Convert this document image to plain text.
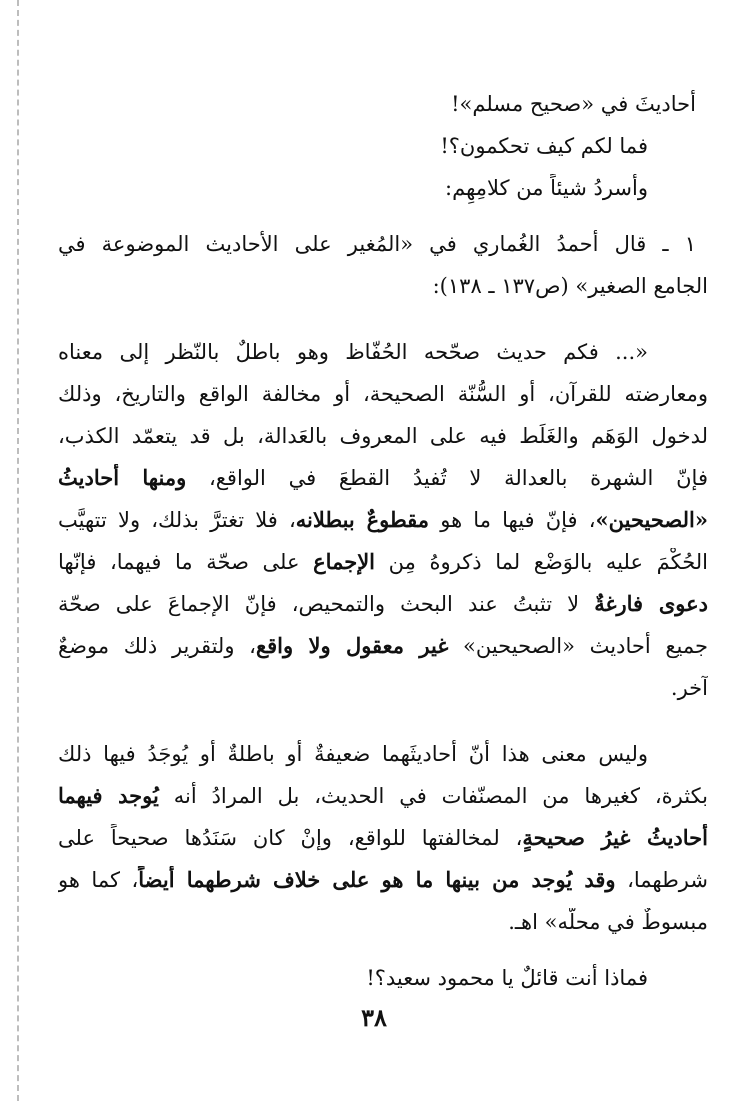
أحاديثَ في «صحيح مسلم»!
فما لكم كيف تحكمون؟!
وأسردُ شيئاً من كلامِهِم:
١ ـ قال أحمدُ الغُماري في «المُغير على الأحاديث الموضوعة في
الجامع الصغير» (ص١٣٧ ـ ١٣٨):
«... فكم حديث صحّحه الحُفّاظ وهو باطلٌ بالنّظر إلى معناه
ومعارضته للقرآن، أو السُّنّة الصحيحة، أو مخالفة الواقع والتاريخ، وذلك
لدخول الوَهَم والغَلَط فيه على المعروف بالعَدالة، بل قد يتعمّد الكذب،
فإنّ الشهرة بالعدالة لا تُفيدُ القطعَ في الواقع، ومنها أحاديثُ
«الصحيحين»، فإنّ فيها ما هو مقطوعٌ ببطلانه، فلا تغترَّ بذلك، ولا تتهيَّب
الحُكْمَ عليه بالوَضْع لما ذكروهُ مِن الإجماع على صحّة ما فيهما، فإنّها
دعوى فارغةٌ لا تثبتُ عند البحث والتمحيص، فإنّ الإجماعَ على صحّة
جميع أحاديث «الصحيحين» غير معقول ولا واقع، ولتقرير ذلك موضعٌ
آخر.
وليس معنى هذا أنّ أحاديثَهما ضعيفةٌ أو باطلةٌ أو يُوجَدُ فيها ذلك
بكثرة، كغيرها من المصنّفات في الحديث، بل المرادُ أنه يُوجد فيهما
أحاديثُ غيرُ صحيحةٍ، لمخالفتها للواقع، وإنْ كان سَنَدُها صحيحاً على
شرطهما، وقد يُوجد من بينها ما هو على خلاف شرطهما أيضاً، كما هو
مبسوطٌ في محلّه» اهـ.
فماذا أنت قائلٌ يا محمود سعيد؟!
٣٨
